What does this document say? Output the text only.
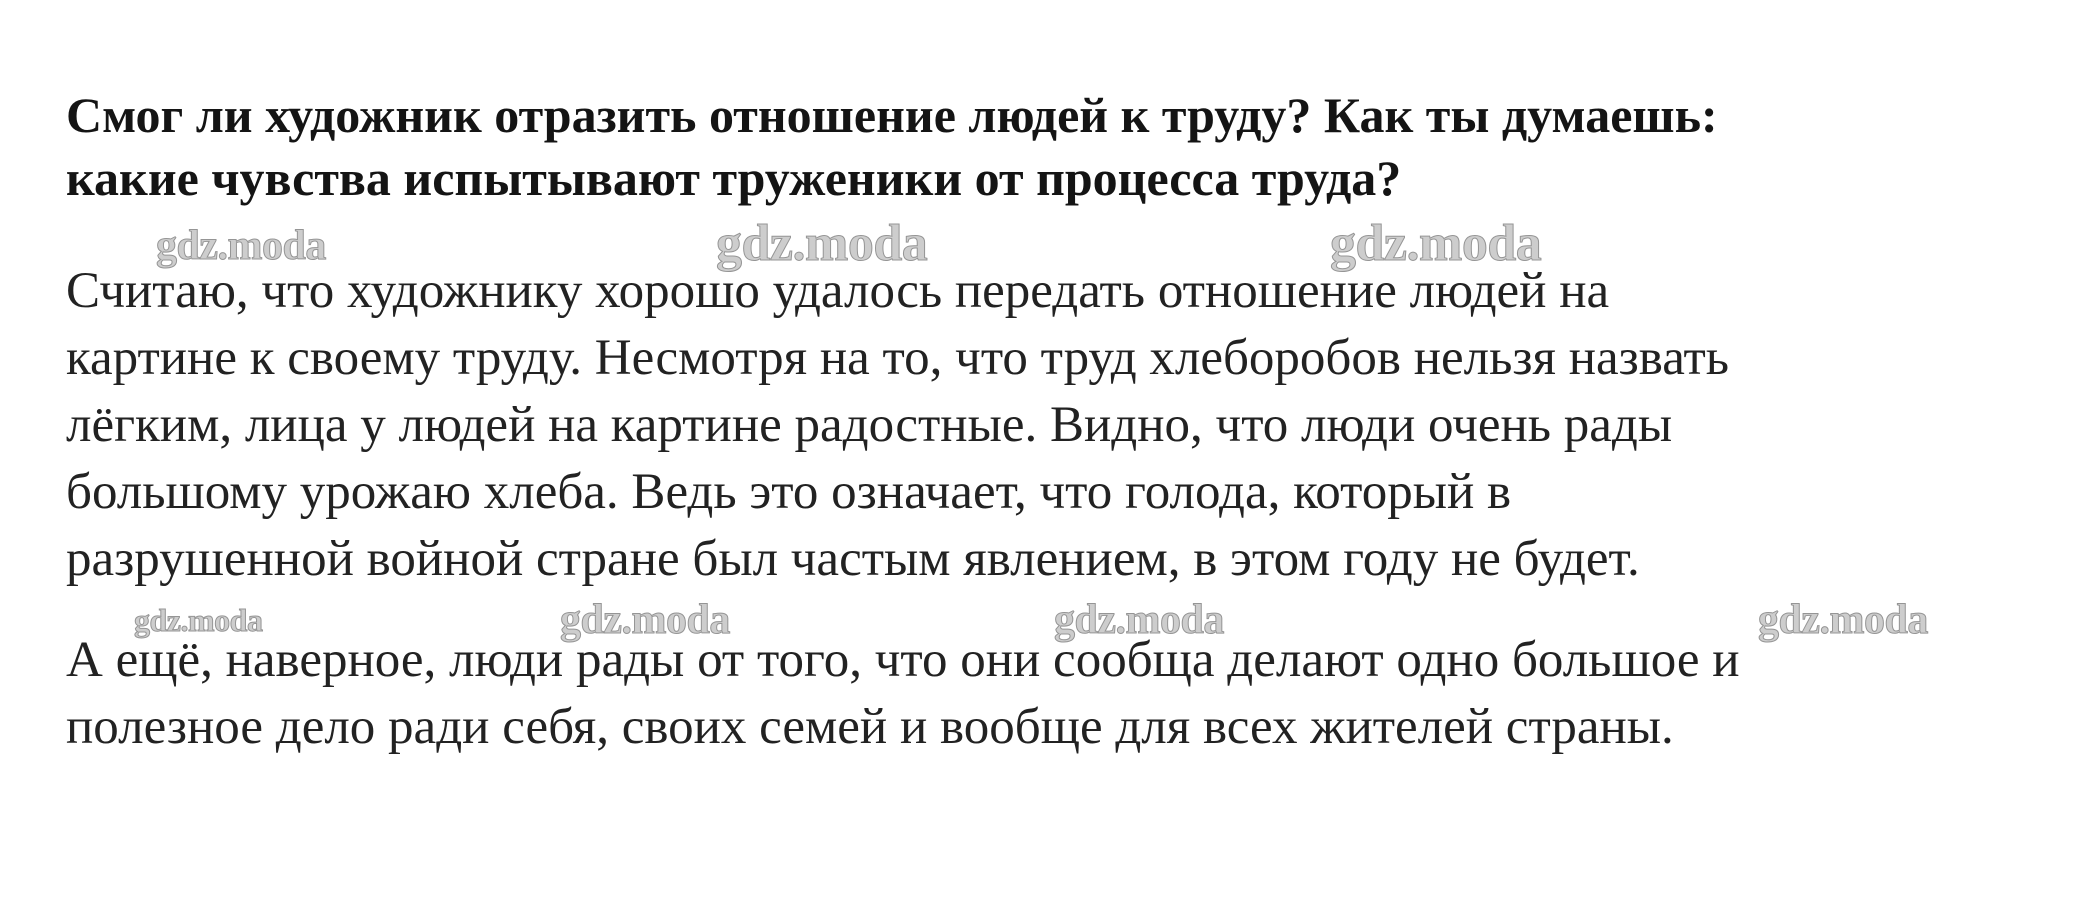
Смог ли художник отразить отношение людей к труду? Как ты думаешь:
какие чувства испытывают труженики от процесса труда?
gdz.moda	gdz.moda	gdz.moda

Считаю, что художнику хорошо удалось передать отношение людей на
картине к своему труду. Несмотря на то, что труд хлеборобов нельзя назвать
лёгким, лица у людей на картине радостные. Видно, что люди очень рады
большому урожаю хлеба. Ведь это означает, что голода, который в
разрушенной войной стране был частым явлением, в этом году не будет.

gdz.moda	gdz.moda	gdz.moda	gdz.moda

А ещё, наверное, люди рады от того, что они сообща делают одно большое и
полезное дело ради себя, своих семей и вообще для всех жителей страны.
